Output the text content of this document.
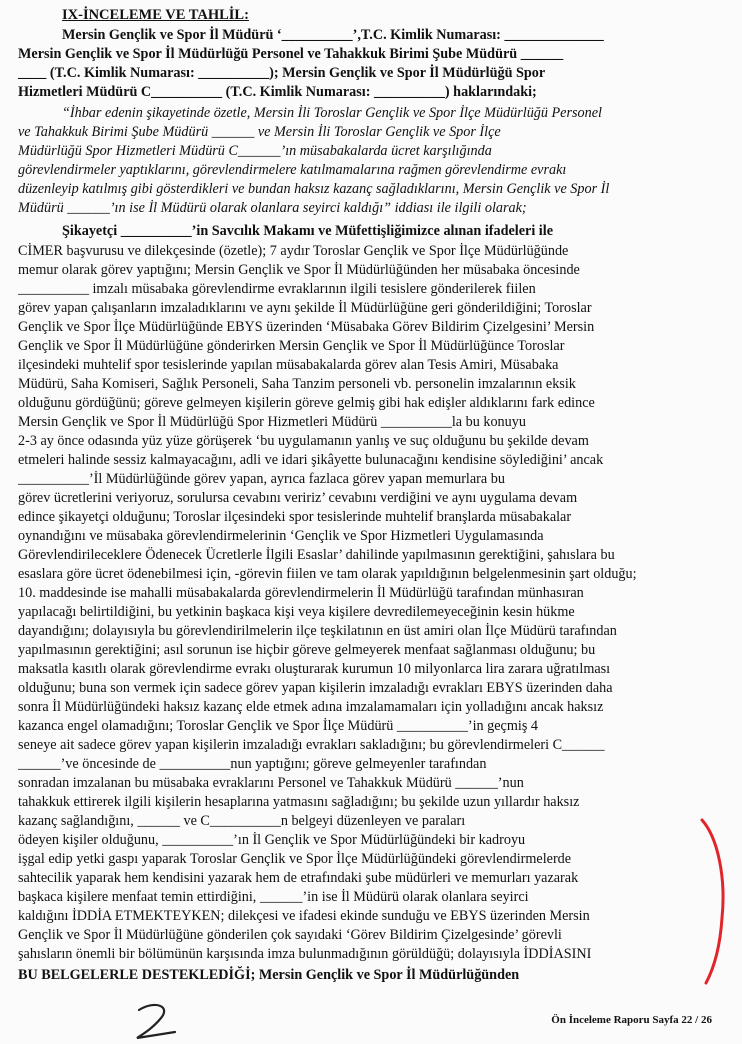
IX-İNCELEME VE TAHLİL:
Mersin Gençlik ve Spor İl Müdürü ‘__________’,T.C. Kimlik Numarası: ______________
Mersin Gençlik ve Spor İl Müdürlüğü Personel ve Tahakkuk Birimi Şube Müdürü ______
____ (T.C. Kimlik Numarası: __________); Mersin Gençlik ve Spor İl Müdürlüğü Spor
Hizmetleri Müdürü C__________ (T.C. Kimlik Numarası: __________) haklarındaki;
“İhbar edenin şikayetinde özetle, Mersin İli Toroslar Gençlik ve Spor İlçe Müdürlüğü Personel
ve Tahakkuk Birimi Şube Müdürü ______ ve Mersin İli Toroslar Gençlik ve Spor İlçe
Müdürlüğü Spor Hizmetleri Müdürü C______’ın müsabakalarda ücret karşılığında
görevlendirmeler yaptıklarını, görevlendirmelere katılmamalarına rağmen görevlendirme evrakı
düzenleyip katılmış gibi gösterdikleri ve bundan haksız kazanç sağladıklarını, Mersin Gençlik ve Spor İl
Müdürü ______’ın ise İl Müdürü olarak olanlara seyirci kaldığı” iddiası ile ilgili olarak;
Şikayetçi __________’in Savcılık Makamı ve Müfettişliğimizce alınan ifadeleri ile
CİMER başvurusu ve dilekçesinde (özetle); 7 aydır Toroslar Gençlik ve Spor İlçe Müdürlüğünde
memur olarak görev yaptığını; Mersin Gençlik ve Spor İl Müdürlüğünden her müsabaka öncesinde
__________ imzalı müsabaka görevlendirme evraklarının ilgili tesislere gönderilerek fiilen
görev yapan çalışanların imzaladıklarını ve aynı şekilde İl Müdürlüğüne geri gönderildiğini; Toroslar
Gençlik ve Spor İlçe Müdürlüğünde EBYS üzerinden ‘Müsabaka Görev Bildirim Çizelgesini’ Mersin
Gençlik ve Spor İl Müdürlüğüne gönderirken Mersin Gençlik ve Spor İl Müdürlüğünce Toroslar
ilçesindeki muhtelif spor tesislerinde yapılan müsabakalarda görev alan Tesis Amiri, Müsabaka
Müdürü, Saha Komiseri, Sağlık Personeli, Saha Tanzim personeli vb. personelin imzalarının eksik
olduğunu gördüğünü; göreve gelmeyen kişilerin göreve gelmiş gibi hak edişler aldıklarını fark edince
Mersin Gençlik ve Spor İl Müdürlüğü Spor Hizmetleri Müdürü __________la bu konuyu
2-3 ay önce odasında yüz yüze görüşerek ‘bu uygulamanın yanlış ve suç olduğunu bu şekilde devam
etmeleri halinde sessiz kalmayacağını, adli ve idari şikâyette bulunacağını kendisine söylediğini’ ancak
__________’İl Müdürlüğünde görev yapan, ayrıca fazlaca görev yapan memurlara bu
görev ücretlerini veriyoruz, sorulursa cevabını veririz’ cevabını verdiğini ve aynı uygulama devam
edince şikayetçi olduğunu; Toroslar ilçesindeki spor tesislerinde muhtelif branşlarda müsabakalar
oynandığını ve müsabaka görevlendirmelerinin ‘Gençlik ve Spor Hizmetleri Uygulamasında
Görevlendirileceklere Ödenecek Ücretlerle İlgili Esaslar’ dahilinde yapılmasının gerektiğini, şahıslara bu
esaslara göre ücret ödenebilmesi için, -görevin fiilen ve tam olarak yapıldığının belgelenmesinin şart olduğu;
10. maddesinde ise mahalli müsabakalarda görevlendirmelerin İl Müdürlüğü tarafından münhasıran
yapılacağı belirtildiğini, bu yetkinin başkaca kişi veya kişilere devredilemeyeceğinin kesin hükme
dayandığını; dolayısıyla bu görevlendirilmelerin ilçe teşkilatının en üst amiri olan İlçe Müdürü tarafından
yapılmasının gerektiğini; asıl sorunun ise hiçbir göreve gelmeyerek menfaat sağlanması olduğunu; bu
maksatla kasıtlı olarak görevlendirme evrakı oluşturarak kurumun 10 milyonlarca lira zarara uğratılması
olduğunu; buna son vermek için sadece görev yapan kişilerin imzaladığı evrakları EBYS üzerinden daha
sonra İl Müdürlüğündeki haksız kazanç elde etmek adına imzalamamaları için yolladığını ancak haksız
kazanca engel olamadığını; Toroslar Gençlik ve Spor İlçe Müdürü __________’in geçmiş 4
seneye ait sadece görev yapan kişilerin imzaladığı evrakları sakladığını; bu görevlendirmeleri C______
______’ve öncesinde de __________nun yaptığını; göreve gelmeyenler tarafından
sonradan imzalanan bu müsabaka evraklarını Personel ve Tahakkuk Müdürü ______’nun
tahakkuk ettirerek ilgili kişilerin hesaplarına yatmasını sağladığını; bu şekilde uzun yıllardır haksız
kazanç sağlandığını, ______ ve C__________n belgeyi düzenleyen ve paraları
ödeyen kişiler olduğunu, __________’ın İl Gençlik ve Spor Müdürlüğündeki bir kadroyu
işgal edip yetki gaspı yaparak Toroslar Gençlik ve Spor İlçe Müdürlüğündeki görevlendirmelerde
sahtecilik yaparak hem kendisini yazarak hem de etrafındaki şube müdürleri ve memurları yazarak
başkaca kişilere menfaat temin ettirdiğini, ______’in ise İl Müdürü olarak olanlara seyirci
kaldığını İDDİA ETMEKTEYKEN; dilekçesi ve ifadesi ekinde sunduğu ve EBYS üzerinden Mersin
Gençlik ve Spor İl Müdürlüğüne gönderilen çok sayıdaki ‘Görev Bildirim Çizelgesinde’ görevli
şahısların önemli bir bölümünün karşısında imza bulunmadığının görüldüğü; dolayısıyla İDDİASINI
BU BELGELERLE DESTEKLEDİĞİ; Mersin Gençlik ve Spor İl Müdürlüğünden
Ön İnceleme Raporu Sayfa 22 / 26
